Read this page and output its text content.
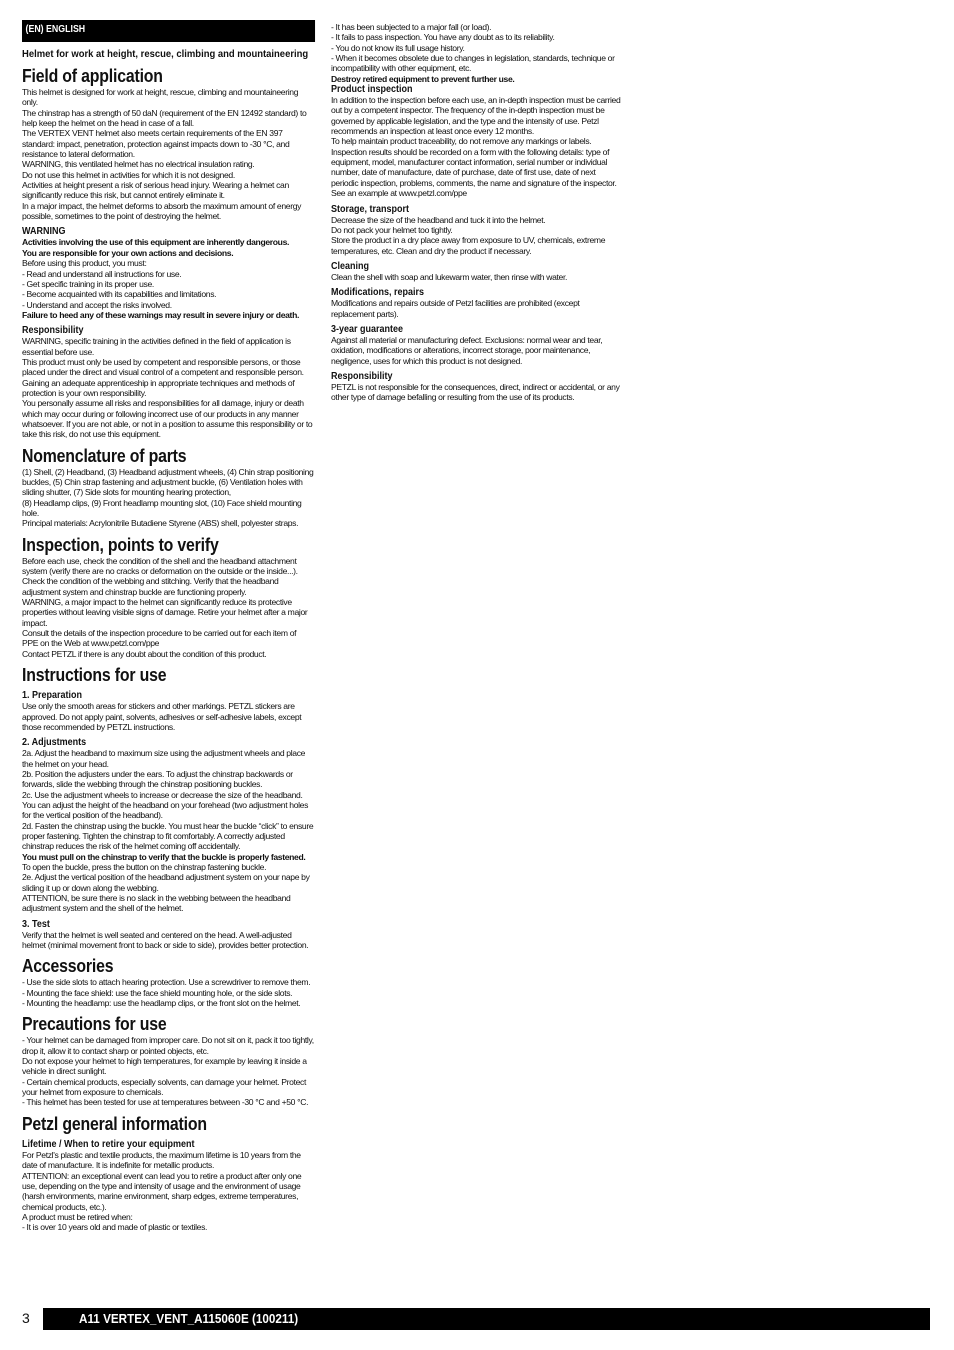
(EN) ENGLISH
Helmet for work at height, rescue, climbing and mountaineering
Field of application

This helmet is designed for work at height, rescue, climbing and mountaineering only.

The chinstrap has a strength of 50 daN (requirement of the EN 12492 standard) to help keep the helmet on the head in case of a fall.

The VERTEX VENT helmet also meets certain requirements of the EN 397 standard: impact, penetration, protection against impacts down to -30 °C, and resistance to lateral deformation.

WARNING, this ventilated helmet has no electrical insulation rating.

Do not use this helmet in activities for which it is not designed.

Activities at height present a risk of serious head injury. Wearing a helmet can significantly reduce this risk, but cannot entirely eliminate it.

In a major impact, the helmet deforms to absorb the maximum amount of energy possible, sometimes to the point of destroying the helmet.

WARNING

Activities involving the use of this equipment are inherently dangerous.

You are responsible for your own actions and decisions.

Before using this product, you must:

- Read and understand all instructions for use.

- Get specific training in its proper use.

- Become acquainted with its capabilities and limitations.

- Understand and accept the risks involved.

Failure to heed any of these warnings may result in severe injury or death.

Responsibility

WARNING, specific training in the activities defined in the field of application is essential before use.

This product must only be used by competent and responsible persons, or those placed under the direct and visual control of a competent and responsible person.

Gaining an adequate apprenticeship in appropriate techniques and methods of protection is your own responsibility.

You personally assume all risks and responsibilities for all damage, injury or death which may occur during or following incorrect use of our products in any manner whatsoever. If you are not able, or not in a position to assume this responsibility or to take this risk, do not use this equipment.

Nomenclature of parts

(1) Shell, (2) Headband, (3) Headband adjustment wheels, (4) Chin strap positioning buckles, (5) Chin strap fastening and adjustment buckle, (6) Ventilation holes with sliding shutter, (7) Side slots for mounting hearing protection,

(8) Headlamp clips, (9) Front headlamp mounting slot, (10) Face shield mounting hole.

Principal materials: Acrylonitrile Butadiene Styrene (ABS) shell, polyester straps.

Inspection, points to verify

Before each use, check the condition of the shell and the headband attachment system (verify there are no cracks or deformation on the outside or the inside...).

Check the condition of the webbing and stitching. Verify that the headband adjustment system and chinstrap buckle are functioning properly.

WARNING, a major impact to the helmet can significantly reduce its protective properties without leaving visible signs of damage. Retire your helmet after a major impact.

Consult the details of the inspection procedure to be carried out for each item of PPE on the Web at www.petzl.com/ppe

Contact PETZL if there is any doubt about the condition of this product.

Instructions for use
1. Preparation

Use only the smooth areas for stickers and other markings. PETZL stickers are approved. Do not apply paint, solvents, adhesives or self-adhesive labels, except those recommended by PETZL instructions.

2. Adjustments

2a. Adjust the headband to maximum size using the adjustment wheels and place the helmet on your head.

2b. Position the adjusters under the ears. To adjust the chinstrap backwards or forwards, slide the webbing through the chinstrap positioning buckles.

2c. Use the adjustment wheels to increase or decrease the size of the headband. You can adjust the height of the headband on your forehead (two adjustment holes for the vertical position of the headband).

2d. Fasten the chinstrap using the buckle. You must hear the buckle “click” to ensure proper fastening. Tighten the chinstrap to fit comfortably. A correctly adjusted chinstrap reduces the risk of the helmet coming off accidentally.

You must pull on the chinstrap to verify that the buckle is properly fastened.

To open the buckle, press the button on the chinstrap fastening buckle.

2e. Adjust the vertical position of the headband adjustment system on your nape by sliding it up or down along the webbing.

ATTENTION, be sure there is no slack in the webbing between the headband adjustment system and the shell of the helmet.

3. Test

Verify that the helmet is well seated and centered on the head. A well-adjusted helmet (minimal movement front to back or side to side), provides better protection.

Accessories

- Use the side slots to attach hearing protection. Use a screwdriver to remove them.

- Mounting the face shield: use the face shield mounting hole, or the side slots.

- Mounting the headlamp: use the headlamp clips, or the front slot on the helmet.

Precautions for use

- Your helmet can be damaged from improper care. Do not sit on it, pack it too tightly, drop it, allow it to contact sharp or pointed objects, etc.

Do not expose your helmet to high temperatures, for example by leaving it inside a vehicle in direct sunlight.

- Certain chemical products, especially solvents, can damage your helmet. Protect your helmet from exposure to chemicals.

- This helmet has been tested for use at temperatures between -30 °C and +50 °C.

Petzl general information
Lifetime / When to retire your equipment

For Petzl's plastic and textile products, the maximum lifetime is 10 years from the date of manufacture. It is indefinite for metallic products.

ATTENTION: an exceptional event can lead you to retire a product after only one use, depending on the type and intensity of usage and the environment of usage (harsh environments, marine environment, sharp edges, extreme temperatures, chemical products, etc.).

A product must be retired when:

- It is over 10 years old and made of plastic or textiles.

- It has been subjected to a major fall (or load).

- It fails to pass inspection. You have any doubt as to its reliability.

- You do not know its full usage history.

- When it becomes obsolete due to changes in legislation, standards, technique or incompatibility with other equipment, etc.

Destroy retired equipment to prevent further use.

Product inspection

In addition to the inspection before each use, an in-depth inspection must be carried out by a competent inspector. The frequency of the in-depth inspection must be governed by applicable legislation, and the type and the intensity of use. Petzl recommends an inspection at least once every 12 months.

To help maintain product traceability, do not remove any markings or labels.

Inspection results should be recorded on a form with the following details: type of equipment, model, manufacturer contact information, serial number or individual number, date of manufacture, date of purchase, date of first use, date of next periodic inspection, problems, comments, the name and signature of the inspector.

See an example at www.petzl.com/ppe

Storage, transport

Decrease the size of the headband and tuck it into the helmet.

Do not pack your helmet too tightly.

Store the product in a dry place away from exposure to UV, chemicals, extreme temperatures, etc. Clean and dry the product if necessary.

Cleaning

Clean the shell with soap and lukewarm water, then rinse with water.

Modifications, repairs

Modifications and repairs outside of Petzl facilities are prohibited (except replacement parts).

3-year guarantee

Against all material or manufacturing defect. Exclusions: normal wear and tear, oxidation, modifications or alterations, incorrect storage, poor maintenance, negligence, uses for which this product is not designed.

Responsibility

PETZL is not responsible for the consequences, direct, indirect or accidental, or any other type of damage befalling or resulting from the use of its products.

3	A11 VERTEX_VENT_A115060E (100211)
